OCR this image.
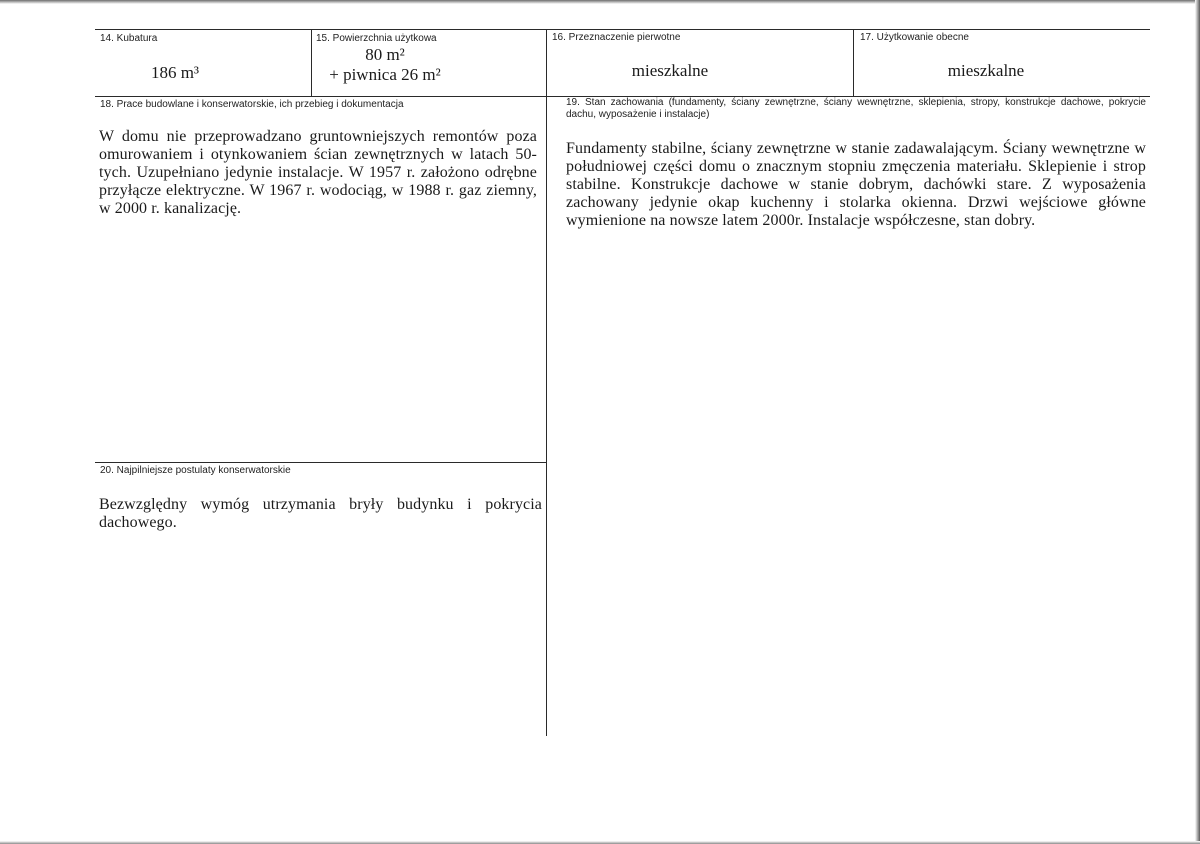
14. Kubatura
186 m³
15. Powierzchnia użytkowa
80 m²
+ piwnica 26 m²
16. Przeznaczenie pierwotne
mieszkalne
17. Użytkowanie obecne
mieszkalne
18. Prace budowlane i konserwatorskie, ich przebieg i dokumentacja
W domu nie przeprowadzano gruntowniejszych remontów poza omurowaniem i otynkowaniem ścian zewnętrznych w latach 50-tych. Uzupełniano jedynie instalacje. W 1957 r. założono odrębne przyłącze elektryczne. W 1967 r. wodociąg, w 1988 r. gaz ziemny, w 2000 r. kanalizację.
19. Stan zachowania (fundamenty, ściany zewnętrzne, ściany wewnętrzne, sklepienia, stropy, konstrukcje dachowe, pokrycie dachu, wyposażenie i instalacje)
Fundamenty stabilne, ściany zewnętrzne w stanie zadawalającym. Ściany wewnętrzne w południowej części domu o znacznym stopniu zmęczenia materiału. Sklepienie i strop stabilne. Konstrukcje dachowe w stanie dobrym, dachówki stare. Z wyposażenia zachowany jedynie okap kuchenny i stolarka okienna. Drzwi wejściowe główne wymienione na nowsze latem 2000r. Instalacje współczesne, stan dobry.
20. Najpilniejsze postulaty konserwatorskie
Bezwzględny wymóg utrzymania bryły budynku i pokrycia dachowego.
